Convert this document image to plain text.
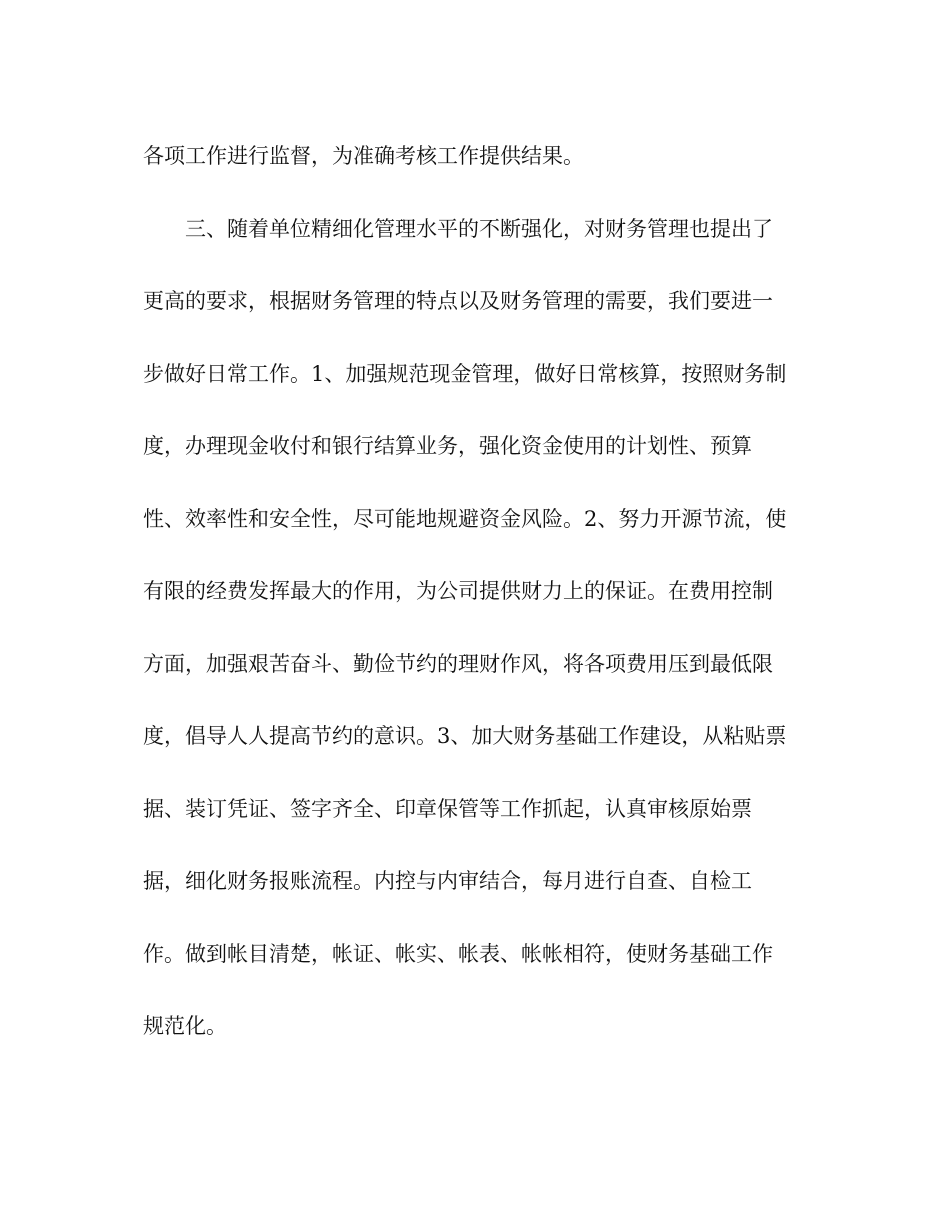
各项工作进行监督，为准确考核工作提供结果。
三、随着单位精细化管理水平的不断强化，对财务管理也提出了
更高的要求，根据财务管理的特点以及财务管理的需要，我们要进一
步做好日常工作。1、加强规范现金管理，做好日常核算，按照财务制
度，办理现金收付和银行结算业务，强化资金使用的计划性、预算
性、效率性和安全性，尽可能地规避资金风险。2、努力开源节流，使
有限的经费发挥最大的作用，为公司提供财力上的保证。在费用控制
方面，加强艰苦奋斗、勤俭节约的理财作风，将各项费用压到最低限
度，倡导人人提高节约的意识。3、加大财务基础工作建设，从粘贴票
据、装订凭证、签字齐全、印章保管等工作抓起，认真审核原始票
据，细化财务报账流程。内控与内审结合，每月进行自查、自检工
作。做到帐目清楚，帐证、帐实、帐表、帐帐相符，使财务基础工作
规范化。
